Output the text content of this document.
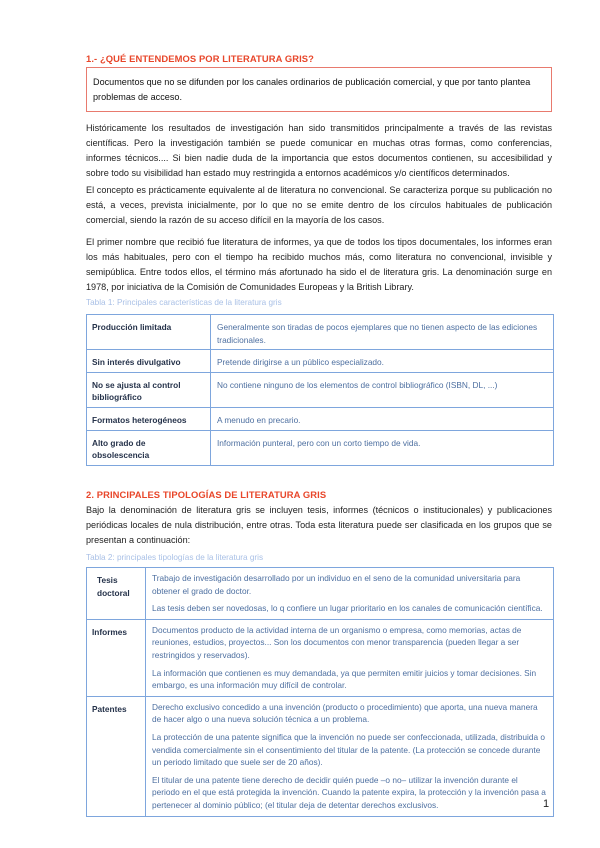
1.- ¿QUÉ ENTENDEMOS POR LITERATURA GRIS?
Documentos que no se difunden por los canales ordinarios de publicación comercial, y que por tanto plantea problemas de acceso.

Históricamente los resultados de investigación han sido transmitidos principalmente a través de las revistas científicas. Pero la investigación también se puede comunicar en muchas otras formas, como conferencias, informes técnicos.... Si bien nadie duda de la importancia que estos documentos contienen, su accesibilidad y sobre todo su visibilidad han estado muy restringida a entornos académicos y/o científicos determinados.

El concepto es prácticamente equivalente al de literatura no convencional. Se caracteriza porque su publicación no está, a veces, prevista inicialmente, por lo que no se emite dentro de los círculos habituales de publicación comercial, siendo la razón de su acceso difícil en la mayoría de los casos.

El primer nombre que recibió fue literatura de informes, ya que de todos los tipos documentales, los informes eran los más habituales, pero con el tiempo ha recibido muchos más, como literatura no convencional, invisible y semipública. Entre todos ellos, el término más afortunado ha sido el de literatura gris. La denominación surge en 1978, por iniciativa de la Comisión de Comunidades Europeas y la British Library.

Tabla 1: Principales características de la literatura gris
Producción limitada	Generalmente son tiradas de pocos ejemplares que no tienen aspecto de las ediciones tradicionales.
Sin interés divulgativo	Pretende dirigirse a un público especializado.
No se ajusta al control bibliográfico	No contiene ninguno de los elementos de control bibliográfico (ISBN, DL, ...)
Formatos heterogéneos	A menudo en precario.
Alto grado de obsolescencia	Información punteral, pero con un corto tiempo de vida.
2. PRINCIPALES TIPOLOGÍAS DE LITERATURA GRIS

Bajo la denominación de literatura gris se incluyen tesis, informes (técnicos o institucionales) y publicaciones periódicas locales de nula distribución, entre otras. Toda esta literatura puede ser clasificada en los grupos que se presentan a continuación:

Tabla 2: principales tipologías de la literatura gris
Tesis doctoral	Trabajo de investigación desarrollado por un individuo en el seno de la comunidad universitaria para obtener el grado de doctor.

Las tesis deben ser novedosas, lo q confiere un lugar prioritario en los canales de comunicación científica.

Informes	Documentos producto de la actividad interna de un organismo o empresa, como memorias, actas de reuniones, estudios, proyectos... Son los documentos con menor transparencia (pueden llegar a ser restringidos y reservados).

La información que contienen es muy demandada, ya que permiten emitir juicios y tomar decisiones. Sin embargo, es una información muy difícil de controlar.

Patentes	Derecho exclusivo concedido a una invención (producto o procedimiento) que aporta, una nueva manera de hacer algo o una nueva solución técnica a un problema.

La protección de una patente significa que la invención no puede ser confeccionada, utilizada, distribuida o vendida comercialmente sin el consentimiento del titular de la patente. (La protección se concede durante un periodo limitado que suele ser de 20 años).

El titular de una patente tiene derecho de decidir quién puede –o no– utilizar la invención durante el periodo en el que está protegida la invención. Cuando la patente expira, la protección y la invención pasa a pertenecer al dominio público; (el titular deja de detentar derechos exclusivos.	1
